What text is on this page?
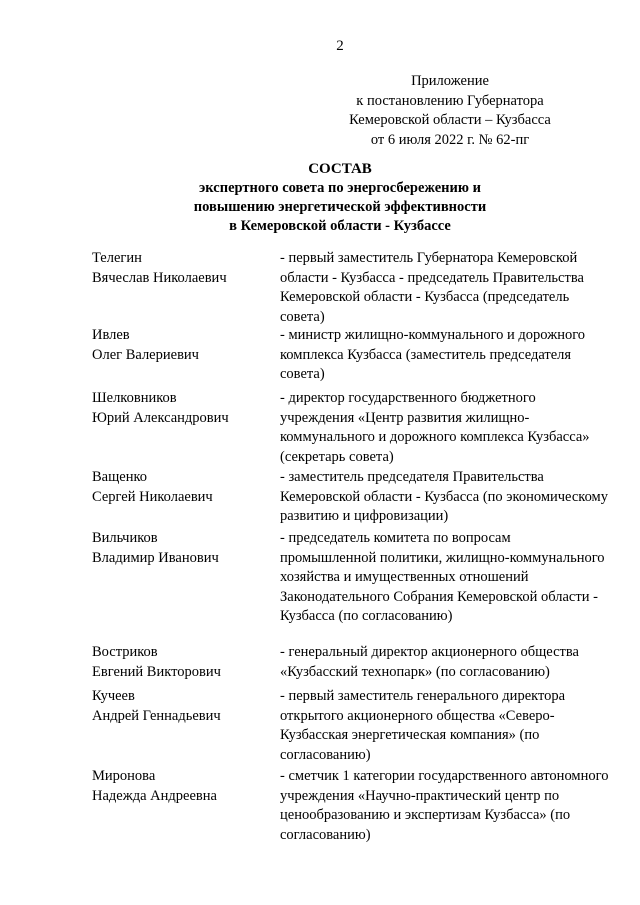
2
Приложение
к постановлению Губернатора
Кемеровской области – Кузбасса
от 6 июля 2022 г. № 62-пг
СОСТАВ
экспертного совета по энергосбережению и
повышению энергетической эффективности
в Кемеровской области - Кузбассе
Телегин
Вячеслав Николаевич
- первый заместитель Губернатора Кемеровской области - Кузбасса - председатель Правительства Кемеровской области - Кузбасса (председатель совета)
Ивлев
Олег Валериевич
- министр жилищно-коммунального и дорожного комплекса Кузбасса (заместитель председателя совета)
Шелковников
Юрий Александрович
- директор государственного бюджетного учреждения «Центр развития жилищно-коммунального и дорожного комплекса Кузбасса» (секретарь совета)
Ващенко
Сергей Николаевич
- заместитель председателя Правительства Кемеровской области - Кузбасса (по экономическому развитию и цифровизации)
Вильчиков
Владимир Иванович
- председатель комитета по вопросам промышленной политики, жилищно-коммунального хозяйства и имущественных отношений Законодательного Собрания Кемеровской области - Кузбасса (по согласованию)
Востриков
Евгений Викторович
- генеральный директор акционерного общества «Кузбасский технопарк» (по согласованию)
Кучеев
Андрей Геннадьевич
- первый заместитель генерального директора открытого акционерного общества «Северо-Кузбасская энергетическая компания» (по согласованию)
Миронова
Надежда Андреевна
- сметчик 1 категории государственного автономного учреждения «Научно-практический центр по ценообразованию и экспертизам Кузбасса» (по согласованию)
